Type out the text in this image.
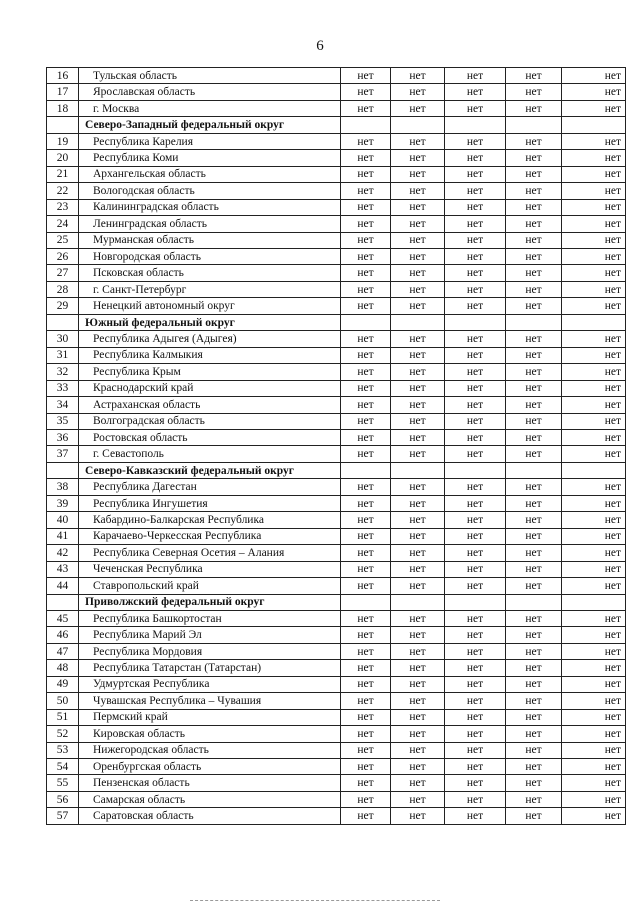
6
16	Тульская область	нет	нет	нет	нет	нет
17	Ярославская область	нет	нет	нет	нет	нет
18	г. Москва	нет	нет	нет	нет	нет
	Северо-Западный федеральный округ					
19	Республика Карелия	нет	нет	нет	нет	нет
20	Республика Коми	нет	нет	нет	нет	нет
21	Архангельская область	нет	нет	нет	нет	нет
22	Вологодская область	нет	нет	нет	нет	нет
23	Калининградская область	нет	нет	нет	нет	нет
24	Ленинградская область	нет	нет	нет	нет	нет
25	Мурманская область	нет	нет	нет	нет	нет
26	Новгородская область	нет	нет	нет	нет	нет
27	Псковская область	нет	нет	нет	нет	нет
28	г. Санкт-Петербург	нет	нет	нет	нет	нет
29	Ненецкий автономный округ	нет	нет	нет	нет	нет
	Южный федеральный округ					
30	Республика Адыгея (Адыгея)	нет	нет	нет	нет	нет
31	Республика Калмыкия	нет	нет	нет	нет	нет
32	Республика Крым	нет	нет	нет	нет	нет
33	Краснодарский край	нет	нет	нет	нет	нет
34	Астраханская область	нет	нет	нет	нет	нет
35	Волгоградская область	нет	нет	нет	нет	нет
36	Ростовская область	нет	нет	нет	нет	нет
37	г. Севастополь	нет	нет	нет	нет	нет
	Северо-Кавказский федеральный округ					
38	Республика Дагестан	нет	нет	нет	нет	нет
39	Республика Ингушетия	нет	нет	нет	нет	нет
40	Кабардино-Балкарская Республика	нет	нет	нет	нет	нет
41	Карачаево-Черкесская Республика	нет	нет	нет	нет	нет
42	Республика Северная Осетия – Алания	нет	нет	нет	нет	нет
43	Чеченская Республика	нет	нет	нет	нет	нет
44	Ставропольский край	нет	нет	нет	нет	нет
	Приволжский федеральный округ					
45	Республика Башкортостан	нет	нет	нет	нет	нет
46	Республика Марий Эл	нет	нет	нет	нет	нет
47	Республика Мордовия	нет	нет	нет	нет	нет
48	Республика Татарстан (Татарстан)	нет	нет	нет	нет	нет
49	Удмуртская Республика	нет	нет	нет	нет	нет
50	Чувашская Республика – Чувашия	нет	нет	нет	нет	нет
51	Пермский край	нет	нет	нет	нет	нет
52	Кировская область	нет	нет	нет	нет	нет
53	Нижегородская область	нет	нет	нет	нет	нет
54	Оренбургская область	нет	нет	нет	нет	нет
55	Пензенская область	нет	нет	нет	нет	нет
56	Самарская область	нет	нет	нет	нет	нет
57	Саратовская область	нет	нет	нет	нет	нет
